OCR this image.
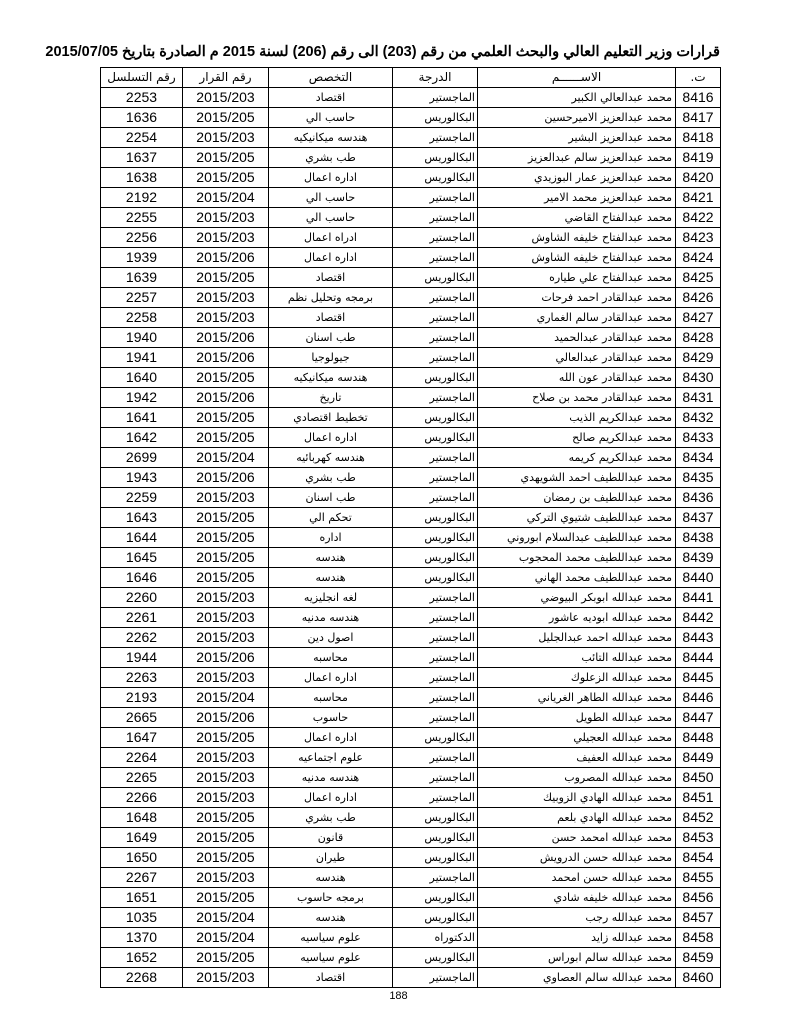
قرارات وزير التعليم العالي والبحث العلمي من رقم (203) الى رقم (206) لسنة 2015 م الصادرة بتاريخ 2015/07/05
ت.	الاســــــم	الدرجة	التخصص	رقم القرار	رقم التسلسل
8416	محمد عبدالعالي الكبير	الماجستير	اقتصاد	2015/203	2253
8417	محمد عبدالعزيز الاميرحسين	البكالوريس	حاسب الي	2015/205	1636
8418	محمد عبدالعزيز البشير	الماجستير	هندسه ميكانيكيه	2015/203	2254
8419	محمد عبدالعزيز سالم عبدالعزيز	البكالوريس	طب بشري	2015/205	1637
8420	محمد عبدالعزيز عمار البوزيدي	البكالوريس	اداره اعمال	2015/205	1638
8421	محمد عبدالعزيز محمد الامير	الماجستير	حاسب الي	2015/204	2192
8422	محمد عبدالفتاح القاضي	الماجستير	حاسب الي	2015/203	2255
8423	محمد عبدالفتاح خليفه الشاوش	الماجستير	ادراه اعمال	2015/203	2256
8424	محمد عبدالفتاح خليفه الشاوش	الماجستير	اداره اعمال	2015/206	1939
8425	محمد عبدالفتاح علي طياره	البكالوريس	اقتصاد	2015/205	1639
8426	محمد عبدالقادر احمد فرحات	الماجستير	برمجه وتحليل نظم	2015/203	2257
8427	محمد عبدالقادر سالم الغماري	الماجستير	اقتصاد	2015/203	2258
8428	محمد عبدالقادر عبدالحميد	الماجستير	طب اسنان	2015/206	1940
8429	محمد عبدالقادر عبدالعالي	الماجستير	جيولوجيا	2015/206	1941
8430	محمد عبدالقادر عون الله	البكالوريس	هندسه ميكانيكيه	2015/205	1640
8431	محمد عبدالقادر محمد بن صلاح	الماجستير	تاريخ	2015/206	1942
8432	محمد عبدالكريم الذيب	البكالوريس	تخطيط اقتصادي	2015/205	1641
8433	محمد عبدالكريم صالح	البكالوريس	اداره اعمال	2015/205	1642
8434	محمد عبدالكريم كريمه	الماجستير	هندسه كهربائيه	2015/204	2699
8435	محمد عبداللطيف احمد الشويهدي	الماجستير	طب بشري	2015/206	1943
8436	محمد عبداللطيف بن رمضان	الماجستير	طب اسنان	2015/203	2259
8437	محمد عبداللطيف شتيوي التركي	البكالوريس	تحكم الي	2015/205	1643
8438	محمد عبداللطيف عبدالسلام ابوروني	البكالوريس	اداره	2015/205	1644
8439	محمد عبداللطيف محمد المحجوب	البكالوريس	هندسه	2015/205	1645
8440	محمد عبداللطيف محمد الهاني	البكالوريس	هندسه	2015/205	1646
8441	محمد عبدالله ابوبكر البيوضي	الماجستير	لغه انجليزيه	2015/203	2260
8442	محمد عبدالله ابوديه عاشور	الماجستير	هندسه مدنيه	2015/203	2261
8443	محمد عبدالله احمد عبدالجليل	الماجستير	اصول دين	2015/203	2262
8444	محمد عبدالله التائب	الماجستير	محاسبه	2015/206	1944
8445	محمد عبدالله الزعلوك	الماجستير	اداره اعمال	2015/203	2263
8446	محمد عبدالله الطاهر الغرياني	الماجستير	محاسبه	2015/204	2193
8447	محمد عبدالله الطويل	الماجستير	حاسوب	2015/206	2665
8448	محمد عبدالله العجيلي	البكالوريس	اداره اعمال	2015/205	1647
8449	محمد عبدالله العفيف	الماجستير	علوم اجتماعيه	2015/203	2264
8450	محمد عبدالله المصروب	الماجستير	هندسه مدنيه	2015/203	2265
8451	محمد عبدالله الهادي الزوبيك	الماجستير	اداره اعمال	2015/203	2266
8452	محمد عبدالله الهادي بلعم	البكالوريس	طب بشري	2015/205	1648
8453	محمد عبدالله امحمد حسن	البكالوريس	قانون	2015/205	1649
8454	محمد عبدالله حسن الدرويش	البكالوريس	طيران	2015/205	1650
8455	محمد عبدالله حسن امحمد	الماجستير	هندسه	2015/203	2267
8456	محمد عبدالله خليفه شادي	البكالوريس	برمجه حاسوب	2015/205	1651
8457	محمد عبدالله رجب	البكالوريس	هندسه	2015/204	1035
8458	محمد عبدالله زايد	الدكتوراه	علوم سياسيه	2015/204	1370
8459	محمد عبدالله سالم ابوراس	البكالوريس	علوم سياسيه	2015/205	1652
8460	محمد عبدالله سالم العصاوي	الماجستير	اقتصاد	2015/203	2268
188
